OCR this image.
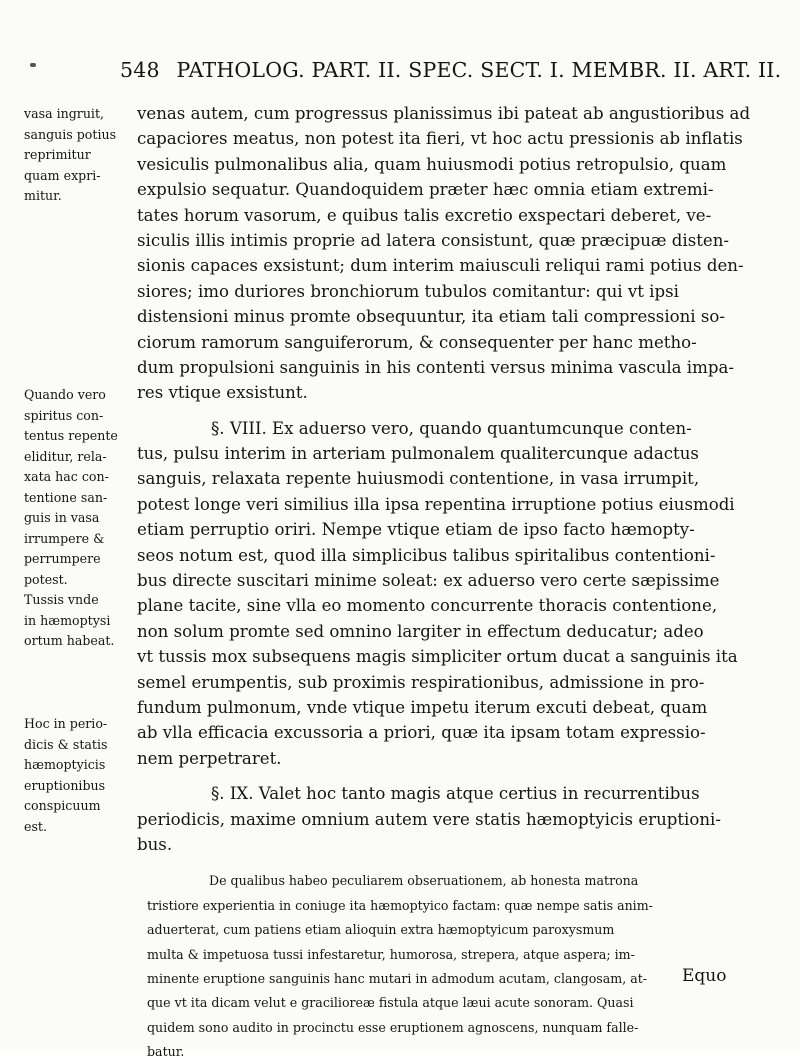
548 PATHOLOG. PART. II. SPEC. SECT. I. MEMBR. II. ART. II.

vasa ingruit,
sanguis potius
reprimitur
quam expri-
mitur.
Quando vero
spiritus con-
tentus repente
eliditur, rela-
xata hac con-
tentione san-
guis in vasa
irrumpere &
perrumpere
potest.
Tussis vnde
in hæmoptysi
ortum habeat.
Hoc in perio-
dicis & statis
hæmoptyicis
eruptionibus
conspicuum
est.
venas autem, cum progressus planissimus ibi pateat ab angustioribus ad
capaciores meatus, non potest ita fieri, vt hoc actu pressionis ab inflatis
vesiculis pulmonalibus alia, quam huiusmodi potius retropulsio, quam
expulsio sequatur. Quandoquidem præter hæc omnia etiam extremi-
tates horum vasorum, e quibus talis excretio exspectari deberet, ve-
siculis illis intimis proprie ad latera consistunt, quæ præcipuæ disten-
sionis capaces exsistunt; dum interim maiusculi reliqui rami potius den-
siores; imo duriores bronchiorum tubulos comitantur: qui vt ipsi
distensioni minus promte obsequuntur, ita etiam tali compressioni so-
ciorum ramorum sanguiferorum, & consequenter per hanc metho-
dum propulsioni sanguinis in his contenti versus minima vascula impa-
res vtique exsistunt.
§. VIII. Ex aduerso vero, quando quantumcunque conten-
tus, pulsu interim in arteriam pulmonalem qualitercunque adactus
sanguis, relaxata repente huiusmodi contentione, in vasa irrumpit,
potest longe veri similius illa ipsa repentina irruptione potius eiusmodi
etiam perruptio oriri. Nempe vtique etiam de ipso facto hæmopty-
seos notum est, quod illa simplicibus talibus spiritalibus contentioni-
bus directe suscitari minime soleat: ex aduerso vero certe sæpissime
plane tacite, sine vlla eo momento concurrente thoracis contentione,
non solum promte sed omnino largiter in effectum deducatur; adeo
vt tussis mox subsequens magis simpliciter ortum ducat a sanguinis ita
semel erumpentis, sub proximis respirationibus, admissione in pro-
fundum pulmonum, vnde vtique impetu iterum excuti debeat, quam
ab vlla efficacia excussoria a priori, quæ ita ipsam totam expressio-
nem perpetraret.
§. IX. Valet hoc tanto magis atque certius in recurrentibus
periodicis, maxime omnium autem vere statis hæmoptyicis eruptioni-
bus.
De qualibus habeo peculiarem obseruationem, ab honesta matrona
tristiore experientia in coniuge ita hæmoptyico factam: quæ nempe satis anim-
aduerterat, cum patiens etiam alioquin extra hæmoptyicum paroxysmum
multa & impetuosa tussi infestaretur, humorosa, strepera, atque aspera; im-
minente eruptione sanguinis hanc mutari in admodum acutam, clangosam, at-
que vt ita dicam velut e gracilioreæ fistula atque læui acute sonoram. Quasi
quidem sono audito in procinctu esse eruptionem agnoscens, nunquam falle-
batur.
Equo
